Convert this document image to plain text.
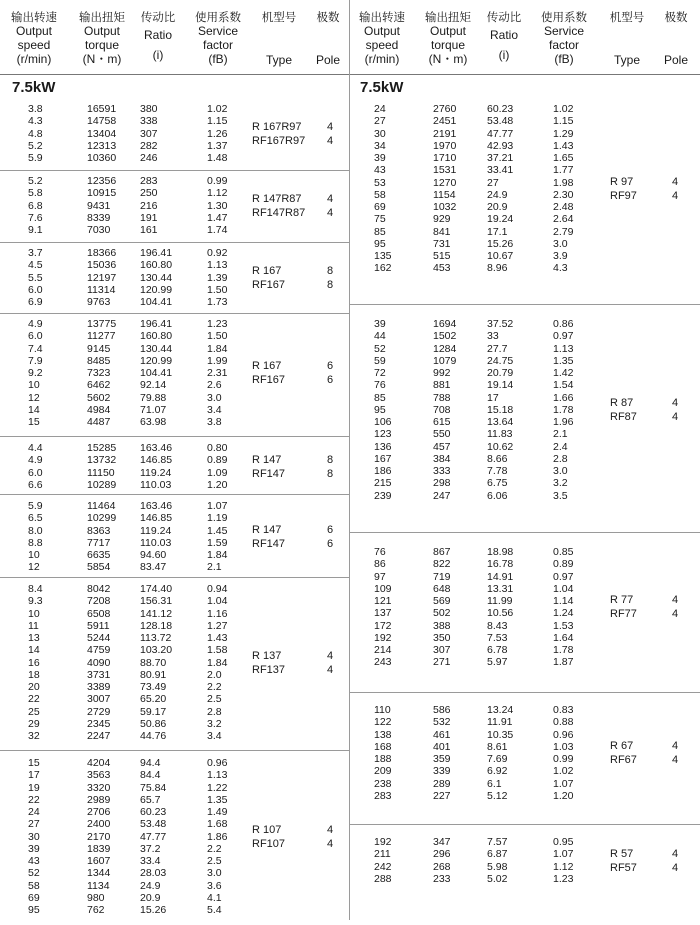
输出转速
Output
speed
(r/min)
输出扭矩
Output
torque
(N・m)
传动比
Ratio
(i)
使用系数
Service
factor
(fB)
机型号
Type
极数
Pole
7.5kW
3.8	16591 380	1.02
4.3	14758 338	1.15
4.8	13404 307	1.26
5.2	12313 282	1.37
5.9	10360 246	1.48
R 167R97 4
RF167R97 4
5.2	12356 283	0.99
5.8	10915 250	1.12
6.8	9431	216	1.30
7.6	8339	191	1.47
9.1	7030	161	1.74
R 147R87 4
RF147R87 4
3.7	18366 196.41	0.92
4.5	15036 160.80	1.13
5.5	12197 130.44	1.39
6.0	11314 120.99	1.50
6.9	9763	104.41	1.73
R 167	8
RF167	8
4.9	13775 196.41	1.23
6.0	11277 160.80	1.50
7.4	9145	130.44	1.84
7.9	8485	120.99	1.99
9.2	7323	104.41	2.31
10	6462	92.14	2.6
12	5602	79.88	3.0
14	4984	71.07	3.4
15	4487	63.98	3.8
R 167	6
RF167	6
4.4	15285 163.46	0.80
4.9	13732 146.85	0.89
6.0	11150 119.24	1.09
6.6	10289 110.03	1.20
R 147	8
RF147	8
5.9	11464 163.46	1.07
6.5	10299 146.85	1.19
8.0	8363	119.24	1.45
8.8	7717	110.03	1.59
10	6635	94.60	1.84
12	5854	83.47	2.1
R 147	6
RF147	6
8.4	8042	174.40	0.94
9.3	7208	156.31	1.04
10	6508	141.12	1.16
11	5911	128.18	1.27
13	5244	113.72	1.43
14	4759	103.20	1.58
16	4090	88.70	1.84
18	3731	80.91	2.0
20	3389	73.49	2.2
22	3007	65.20	2.5
25	2729	59.17	2.8
29	2345	50.86	3.2
32	2247	44.76	3.4
R 137	4
RF137	4
15	4204	94.4	0.96
17	3563	84.4	1.13
19	3320	75.84	1.22
22	2989	65.7	1.35
24	2706	60.23	1.49
27	2400	53.48	1.68
30	2170	47.77	1.86
39	1839	37.2	2.2
43	1607	33.4	2.5
52	1344	28.03	3.0
58	1134	24.9	3.6
69	980	20.9	4.1
95	762	15.26	5.4
R 107	4
RF107	4
输出转速
Output
speed
(r/min)
输出扭矩
Output
torque
(N・m)
传动比
Ratio
(i)
使用系数
Service
factor
(fB)
机型号
Type
极数
Pole
7.5kW
24	2760	60.23	1.02
27	2451	53.48	1.15
30	2191	47.77	1.29
34	1970	42.93	1.43
39	1710	37.21	1.65
43	1531	33.41	1.77
53	1270	27	1.98
58	1154	24.9	2.30
69	1032	20.9	2.48
75	929	19.24	2.64
85	841	17.1	2.79
95	731	15.26	3.0
135	515	10.67	3.9
162	453	8.96	4.3
R 97	4
RF97	4
39	1694	37.52	0.86
44	1502	33	0.97
52	1284	27.7	1.13
59	1079	24.75	1.35
72	992	20.79	1.42
76	881	19.14	1.54
85	788	17	1.66
95	708	15.18	1.78
106	615	13.64	1.96
123	550	11.83	2.1
136	457	10.62	2.4
167	384	8.66	2.8
186	333	7.78	3.0
215	298	6.75	3.2
239	247	6.06	3.5
R 87	4
RF87	4
76	867	18.98	0.85
86	822	16.78	0.89
97	719	14.91	0.97
109	648	13.31	1.04
121	569	11.99	1.14
137	502	10.56	1.24
172	388	8.43	1.53
192	350	7.53	1.64
214	307	6.78	1.78
243	271	5.97	1.87
R 77	4
RF77	4
110	586	13.24	0.83
122	532	11.91	0.88
138	461	10.35	0.96
168	401	8.61	1.03
188	359	7.69	0.99
209	339	6.92	1.02
238	289	6.1	1.07
283	227	5.12	1.20
R 67	4
RF67	4
192	347	7.57	0.95
211	296	6.87	1.07
242	268	5.98	1.12
288	233	5.02	1.23
R 57	4
RF57	4
